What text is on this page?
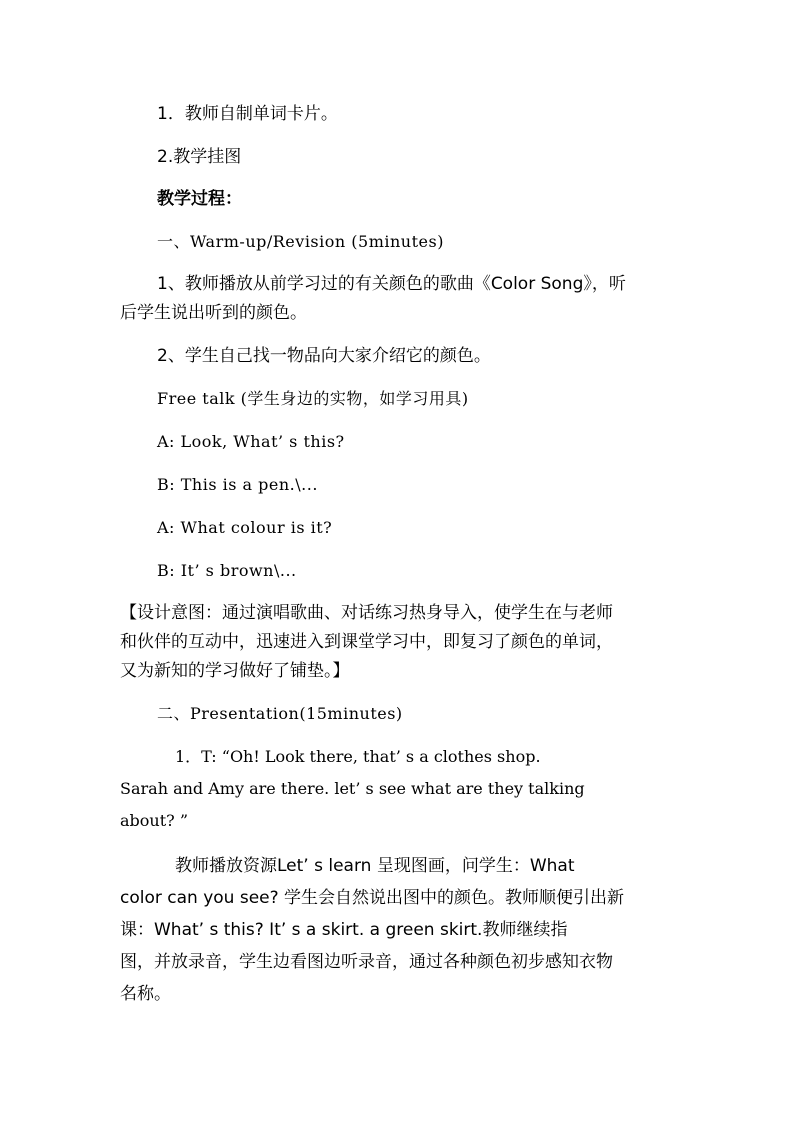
1．教师自制单词卡片。
2.教学挂图
教学过程：
一、Warm-up/Revision (5minutes)
1、教师播放从前学习过的有关颜色的歌曲《Color Song》，听
后学生说出听到的颜色。
2、学生自己找一物品向大家介绍它的颜色。
Free talk (学生身边的实物，如学习用具)
A: Look, What’ s this?
B: This is a pen.\...
A: What colour is it?
B: It’ s brown\...
【设计意图：通过演唱歌曲、对话练习热身导入，使学生在与老师
和伙伴的互动中，迅速进入到课堂学习中，即复习了颜色的单词，
又为新知的学习做好了铺垫。】
二、Presentation(15minutes)
1．T: “Oh! Look there, that’ s a clothes shop.
Sarah and Amy are there. let’ s see what are they talking
about? ”
教师播放资源Let’ s learn 呈现图画，问学生：What
color can you see? 学生会自然说出图中的颜色。教师顺便引出新
课：What’ s this? It’ s a skirt. a green skirt.教师继续指
图，并放录音，学生边看图边听录音，通过各种颜色初步感知衣物
名称。
